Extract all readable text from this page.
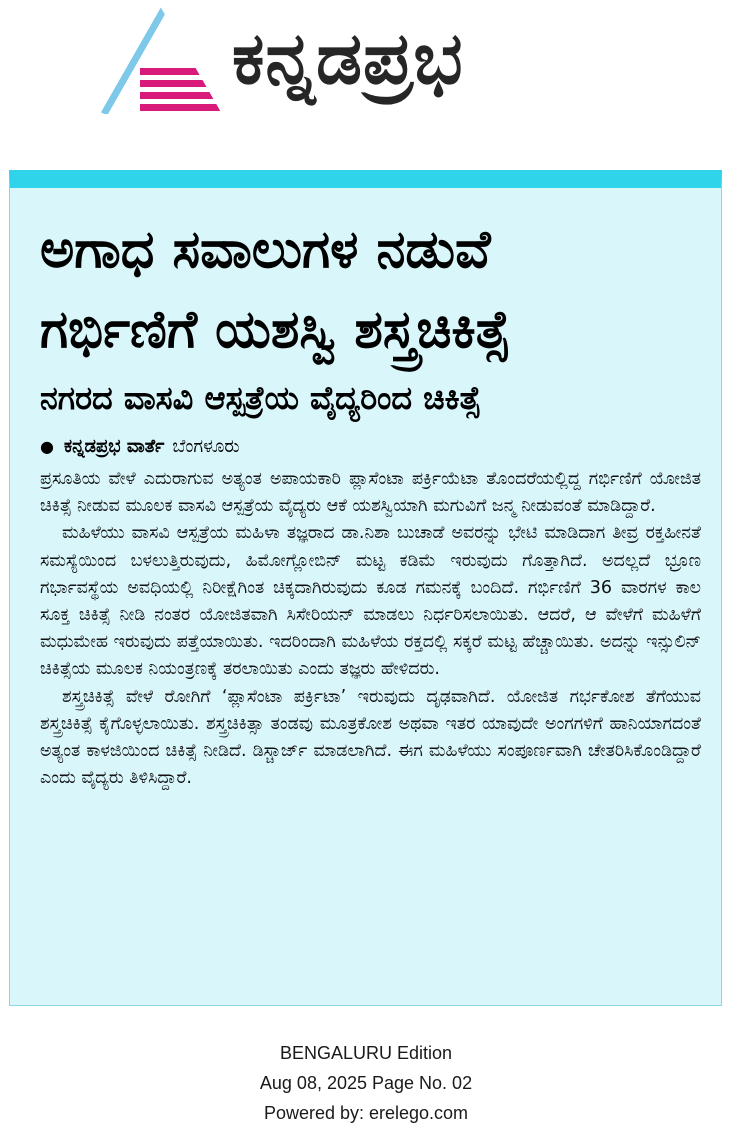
ಕನ್ನಡಪ್ರಭ
ಅಗಾಧ ಸವಾಲುಗಳ ನಡುವೆ
ಗರ್ಭಿಣಿಗೆ ಯಶಸ್ವಿ ಶಸ್ತ್ರಚಿಕಿತ್ಸೆ
ನಗರದ ವಾಸವಿ ಆಸ್ಪತ್ರೆಯ ವೈದ್ಯರಿಂದ ಚಿಕಿತ್ಸೆ
● ಕನ್ನಡಪ್ರಭ ವಾರ್ತೆ ಬೆಂಗಳೂರು

ಪ್ರಸೂತಿಯ ವೇಳೆ ಎದುರಾಗುವ ಅತ್ಯಂತ ಅಪಾಯಕಾರಿ ಪ್ಲಾಸೆಂಟಾ ಪರ್ಕ್ರಿಯೆಟಾ ತೊಂದರೆಯಲ್ಲಿದ್ದ ಗರ್ಭಿಣಿಗೆ ಯೋಜಿತ ಚಿಕಿತ್ಸೆ ನೀಡುವ ಮೂಲಕ ವಾಸವಿ ಆಸ್ಪತ್ರೆಯ ವೈದ್ಯರು ಆಕೆ ಯಶಸ್ವಿಯಾಗಿ ಮಗುವಿಗೆ ಜನ್ಮ ನೀಡುವಂತೆ ಮಾಡಿದ್ದಾರೆ.

ಮಹಿಳೆಯು ವಾಸವಿ ಆಸ್ಪತ್ರೆಯ ಮಹಿಳಾ ತಜ್ಞರಾದ ಡಾ.ನಿಶಾ ಬುಚಾಡೆ ಅವರನ್ನು ಭೇಟಿ ಮಾಡಿದಾಗ ತೀವ್ರ ರಕ್ತಹೀನತೆ ಸಮಸ್ಯೆಯಿಂದ ಬಳಲುತ್ತಿರುವುದು, ಹಿಮೋಗ್ಲೋಬಿನ್ ಮಟ್ಟ ಕಡಿಮೆ ಇರುವುದು ಗೊತ್ತಾಗಿದೆ. ಅದಲ್ಲದೆ ಭ್ರೂಣ ಗರ್ಭಾವಸ್ಥೆಯ ಅವಧಿಯಲ್ಲಿ ನಿರೀಕ್ಷೆಗಿಂತ ಚಿಕ್ಕದಾಗಿರುವುದು ಕೂಡ ಗಮನಕ್ಕೆ ಬಂದಿದೆ. ಗರ್ಭಿಣಿಗೆ 36 ವಾರಗಳ ಕಾಲ ಸೂಕ್ತ ಚಿಕಿತ್ಸೆ ನೀಡಿ ನಂತರ ಯೋಜಿತವಾಗಿ ಸಿಸೇರಿಯನ್ ಮಾಡಲು ನಿರ್ಧರಿಸಲಾಯಿತು. ಆದರೆ, ಆ ವೇಳೆಗೆ ಮಹಿಳೆಗೆ ಮಧುಮೇಹ ಇರುವುದು ಪತ್ತೆಯಾಯಿತು. ಇದರಿಂದಾಗಿ ಮಹಿಳೆಯ ರಕ್ತದಲ್ಲಿ ಸಕ್ಕರೆ ಮಟ್ಟ ಹೆಚ್ಚಾಯಿತು. ಅದನ್ನು ಇನ್ಸುಲಿನ್ ಚಿಕಿತ್ಸೆಯ ಮೂಲಕ ನಿಯಂತ್ರಣಕ್ಕೆ ತರಲಾಯಿತು ಎಂದು ತಜ್ಞರು ಹೇಳಿದರು.

ಶಸ್ತ್ರಚಿಕಿತ್ಸೆ ವೇಳೆ ರೋಗಿಗೆ ‘ಪ್ಲಾಸೆಂಟಾ ಪರ್ಕ್ರಿಟಾ’ ಇರುವುದು ದೃಢವಾಗಿದೆ. ಯೋಜಿತ ಗರ್ಭಕೋಶ ತೆಗೆಯುವ ಶಸ್ತ್ರಚಿಕಿತ್ಸೆ ಕೈಗೊಳ್ಳಲಾಯಿತು. ಶಸ್ತ್ರಚಿಕಿತ್ಸಾ ತಂಡವು ಮೂತ್ರಕೋಶ ಅಥವಾ ಇತರ ಯಾವುದೇ ಅಂಗಗಳಿಗೆ ಹಾನಿಯಾಗದಂತೆ ಅತ್ಯಂತ ಕಾಳಜಿಯಿಂದ ಚಿಕಿತ್ಸೆ ನೀಡಿದೆ. ಡಿಸ್ಚಾರ್ಜ್ ಮಾಡಲಾಗಿದೆ. ಈಗ ಮಹಿಳೆಯು ಸಂಪೂರ್ಣವಾಗಿ ಚೇತರಿಸಿಕೊಂಡಿದ್ದಾರೆ ಎಂದು ವೈದ್ಯರು ತಿಳಿಸಿದ್ದಾರೆ.

BENGALURU Edition
Aug 08, 2025 Page No. 02
Powered by: erelego.com
